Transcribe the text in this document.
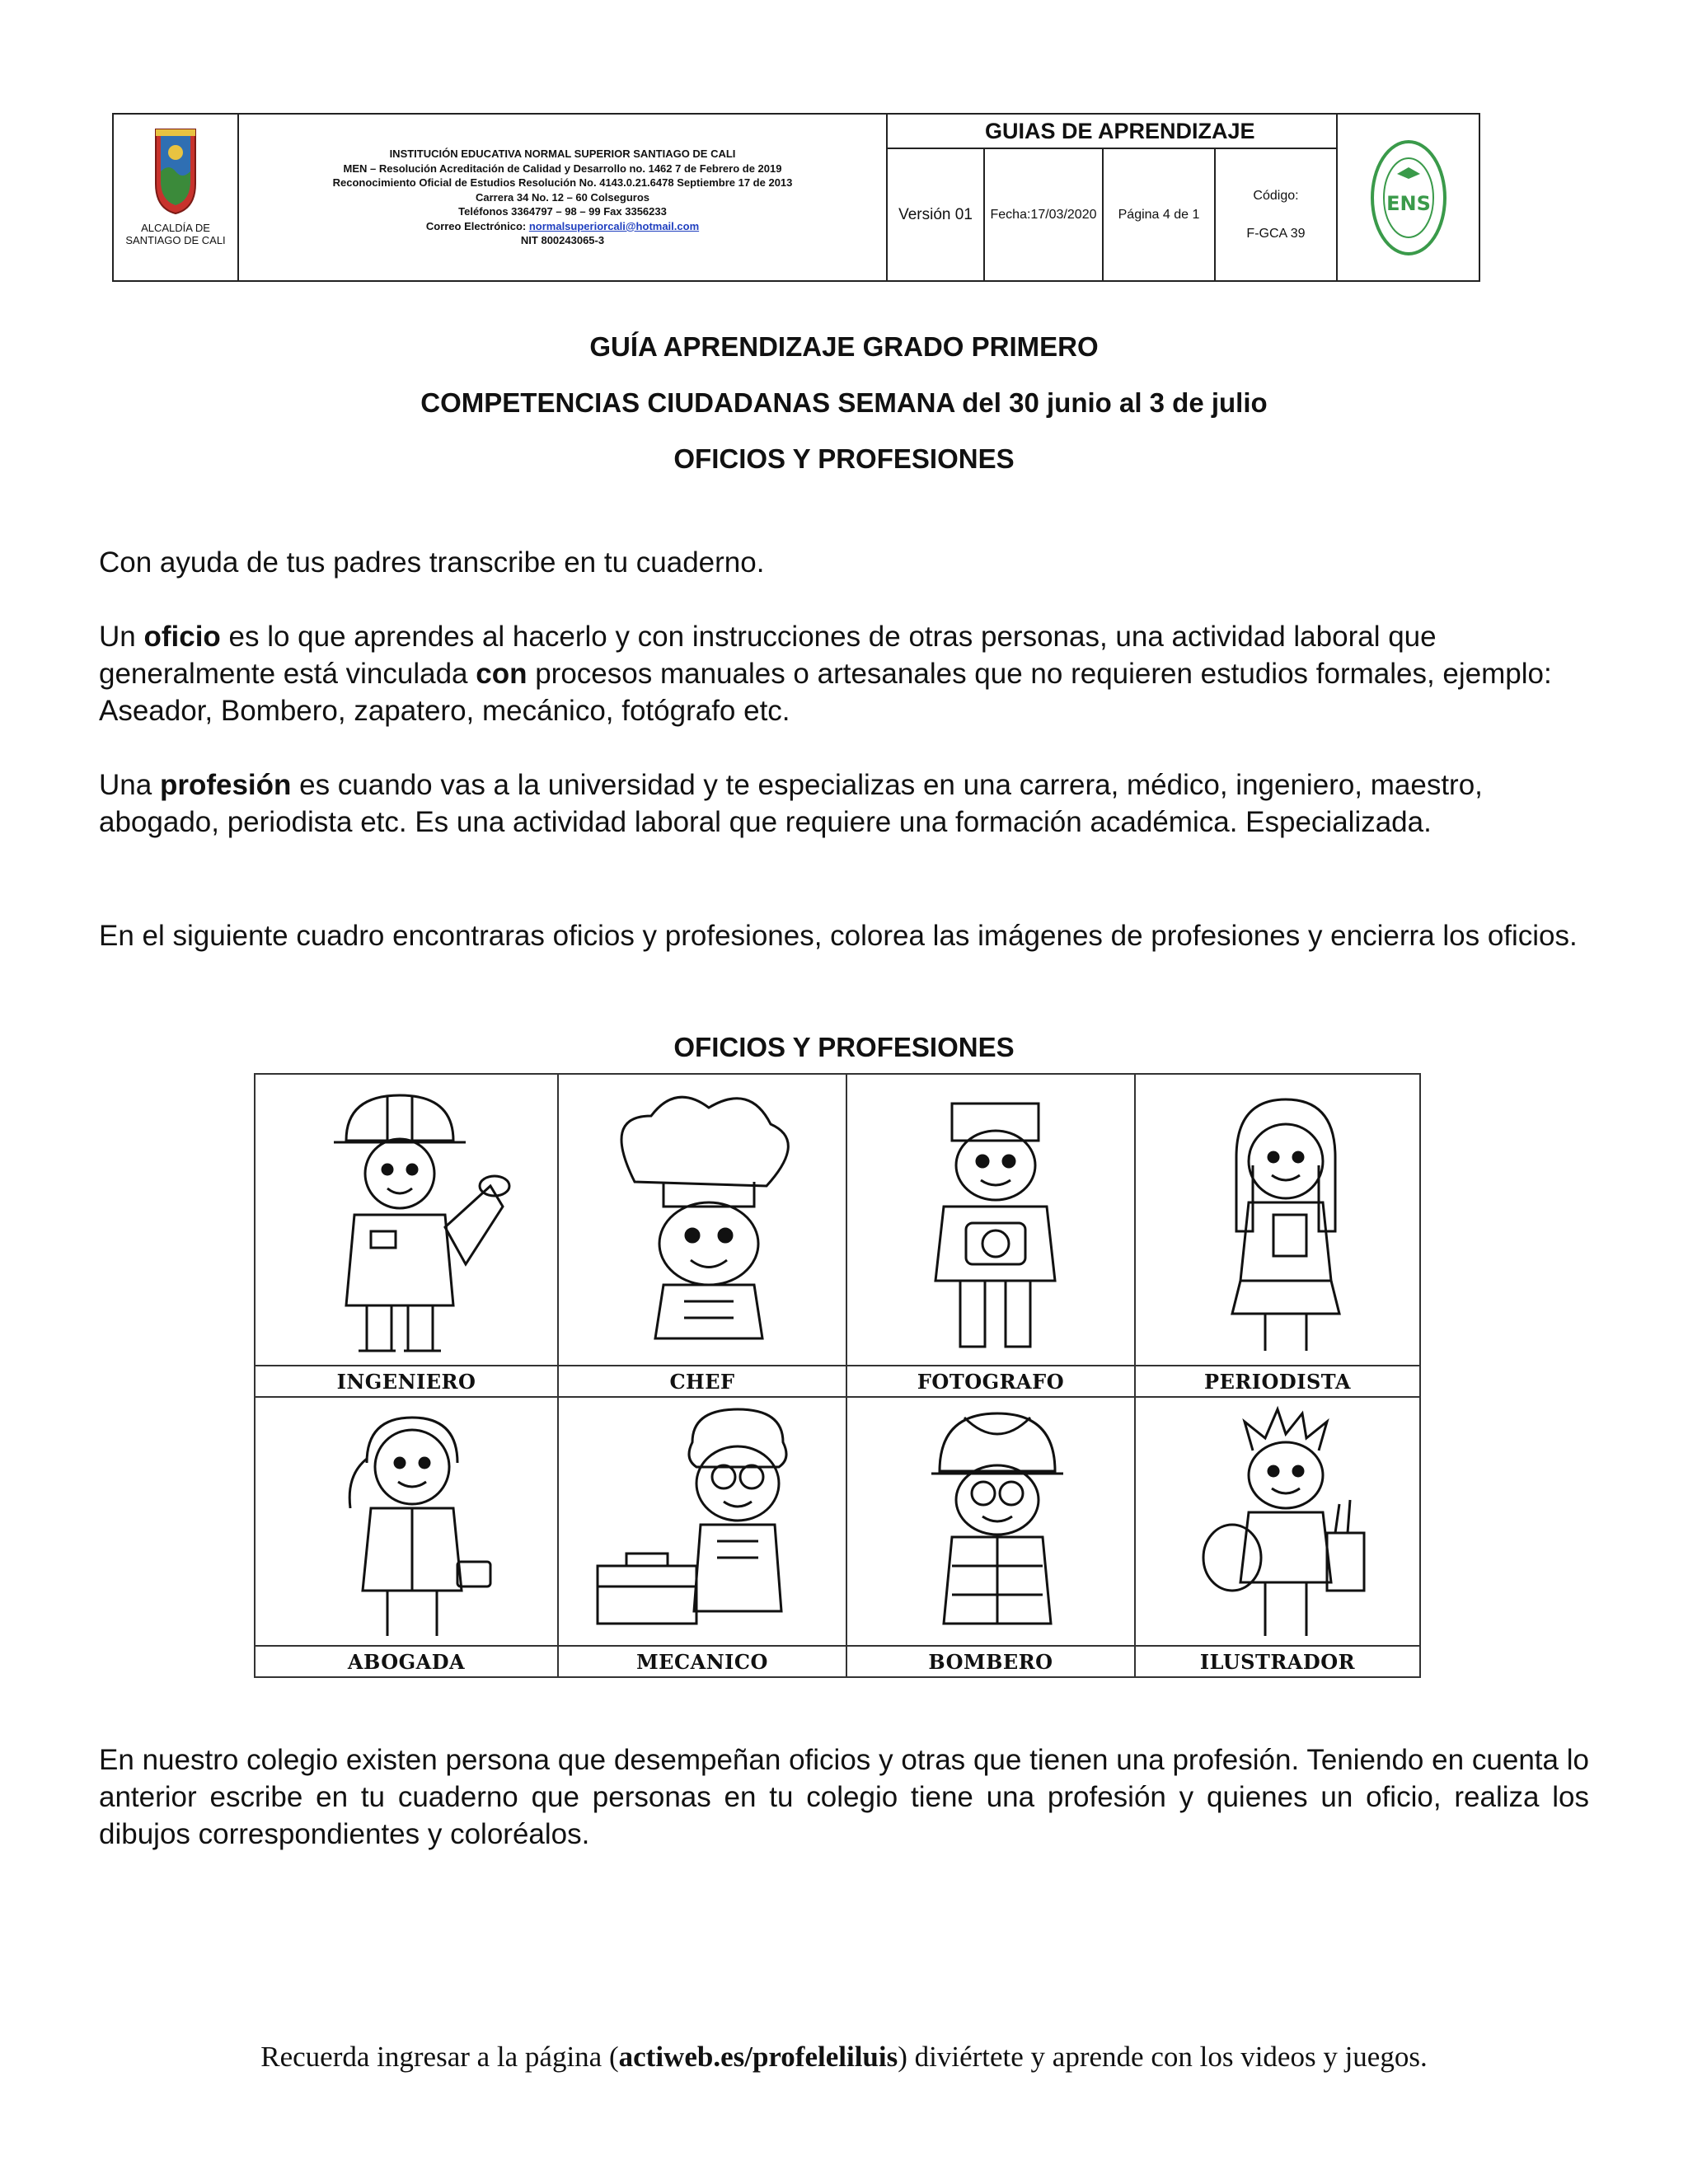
ALCALDÍA DE
SANTIAGO DE CALI
INSTITUCIÓN EDUCATIVA NORMAL SUPERIOR SANTIAGO DE CALI
MEN – Resolución Acreditación de Calidad y Desarrollo no. 1462 7 de Febrero de 2019
Reconocimiento Oficial de Estudios Resolución No. 4143.0.21.6478 Septiembre 17 de 2013
Carrera 34 No. 12 – 60 Colseguros
Teléfonos 3364797 – 98 – 99 Fax 3356233
Correo Electrónico: normalsuperiorcali@hotmail.com
NIT 800243065-3
GUIAS DE APRENDIZAJE
Versión 01	Fecha:17/03/2020	Página 4 de 1
Código:
F-GCA 39
ENS
GUÍA APRENDIZAJE GRADO PRIMERO
COMPETENCIAS CIUDADANAS SEMANA del 30 junio al 3 de julio
OFICIOS Y PROFESIONES

Con ayuda de tus padres transcribe en tu cuaderno.

Un oficio es lo que aprendes al hacerlo y con instrucciones de otras personas, una actividad laboral que generalmente está vinculada con procesos manuales o artesanales que no requieren estudios formales, ejemplo: Aseador, Bombero, zapatero, mecánico, fotógrafo etc.

Una profesión es cuando vas a la universidad y te especializas en una carrera, médico, ingeniero, maestro, abogado, periodista etc. Es una actividad laboral que requiere una formación académica. Especializada.

En el siguiente cuadro encontraras oficios y profesiones, colorea las imágenes de profesiones y encierra los oficios.

OFICIOS Y PROFESIONES
INGENIERO	CHEF	FOTOGRAFO	PERIODISTA
ABOGADA	MECANICO	BOMBERO	ILUSTRADOR

En nuestro colegio existen persona que desempeñan oficios y otras que tienen una profesión. Teniendo en cuenta lo anterior escribe en tu cuaderno que personas en tu colegio tiene una profesión y quienes un oficio, realiza los dibujos correspondientes y coloréalos.

Recuerda ingresar a la página (actiweb.es/profeleliluis) diviértete y aprende con los videos y juegos.
